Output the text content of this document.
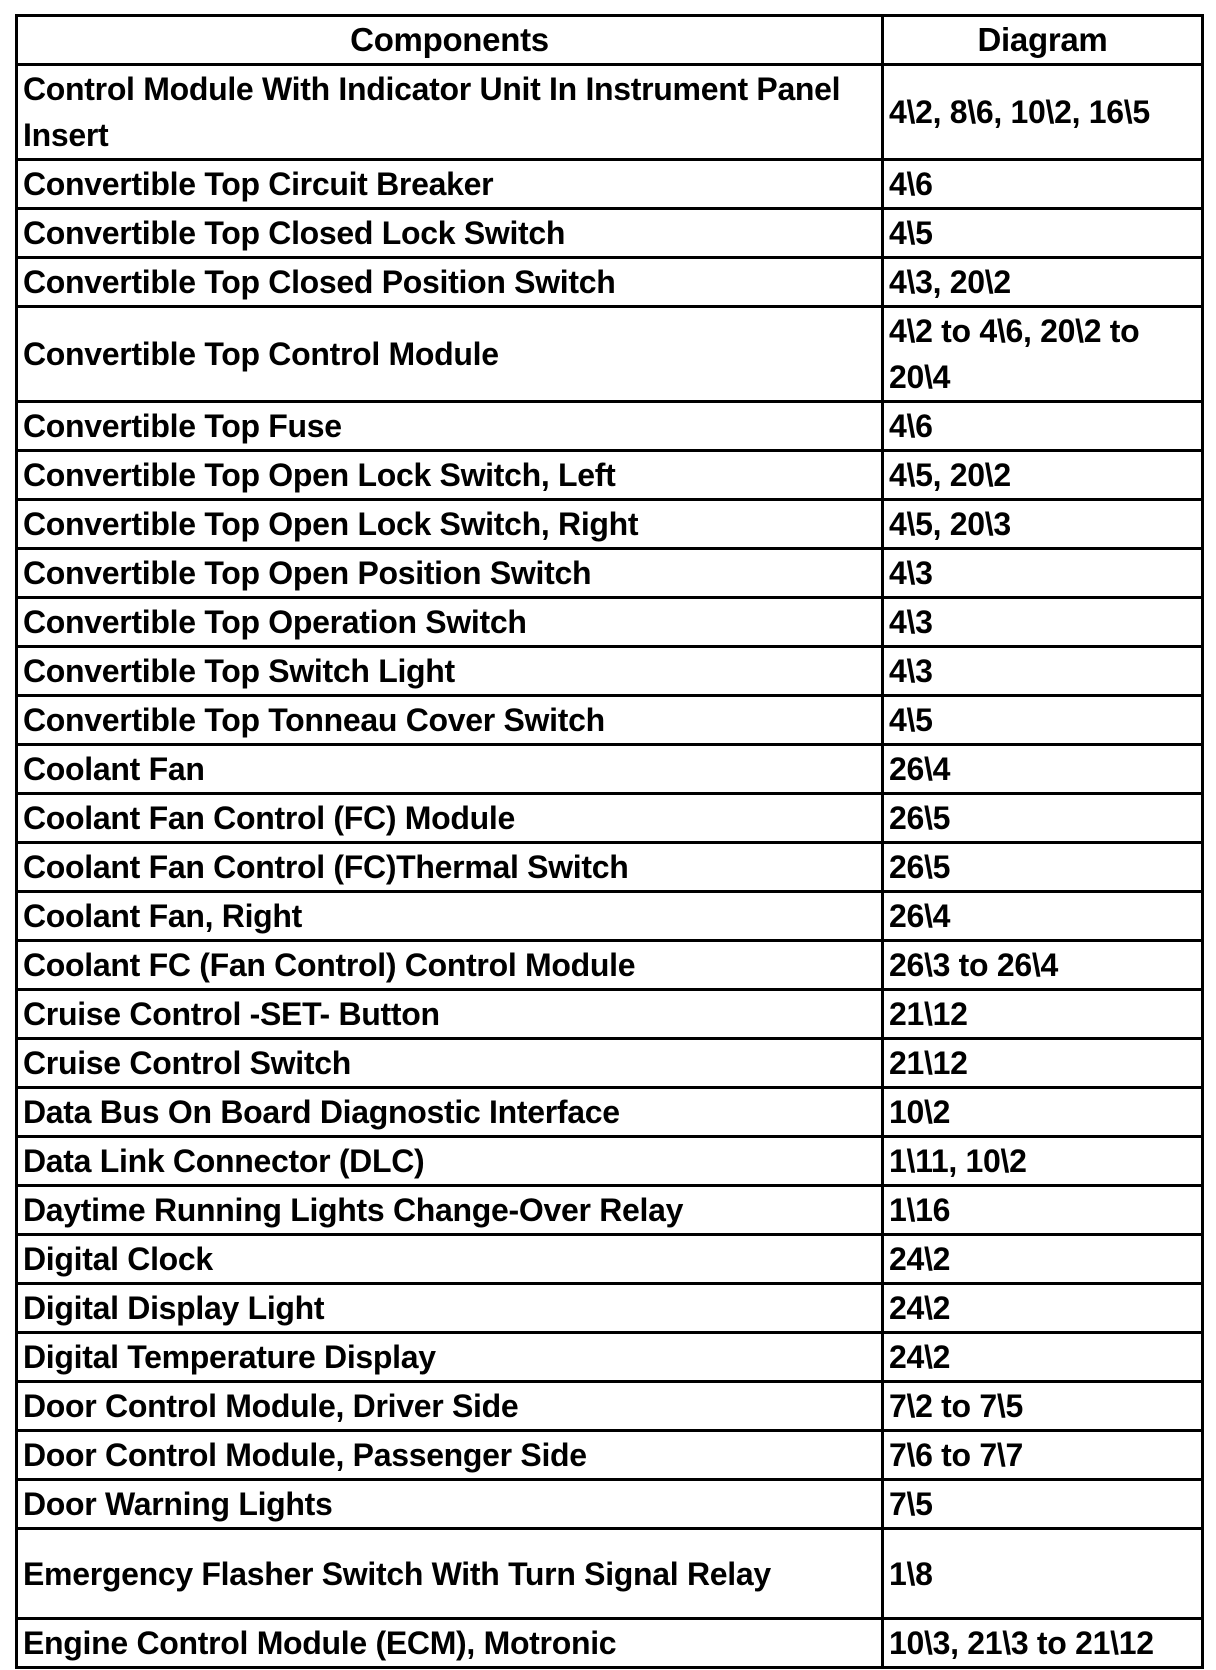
Components	Diagram
Control Module With Indicator Unit In Instrument Panel Insert	4\2, 8\6, 10\2, 16\5
Convertible Top Circuit Breaker	4\6
Convertible Top Closed Lock Switch	4\5
Convertible Top Closed Position Switch	4\3, 20\2
Convertible Top Control Module	4\2 to 4\6, 20\2 to 20\4
Convertible Top Fuse	4\6
Convertible Top Open Lock Switch, Left	4\5, 20\2
Convertible Top Open Lock Switch, Right	4\5, 20\3
Convertible Top Open Position Switch	4\3
Convertible Top Operation Switch	4\3
Convertible Top Switch Light	4\3
Convertible Top Tonneau Cover Switch	4\5
Coolant Fan	26\4
Coolant Fan Control (FC) Module	26\5
Coolant Fan Control (FC)Thermal Switch	26\5
Coolant Fan, Right	26\4
Coolant FC (Fan Control) Control Module	26\3 to 26\4
Cruise Control -SET- Button	21\12
Cruise Control Switch	21\12
Data Bus On Board Diagnostic Interface	10\2
Data Link Connector (DLC)	1\11, 10\2
Daytime Running Lights Change-Over Relay	1\16
Digital Clock	24\2
Digital Display Light	24\2
Digital Temperature Display	24\2
Door Control Module, Driver Side	7\2 to 7\5
Door Control Module, Passenger Side	7\6 to 7\7
Door Warning Lights	7\5
Emergency Flasher Switch With Turn Signal Relay	1\8
Engine Control Module (ECM), Motronic	10\3, 21\3 to 21\12
